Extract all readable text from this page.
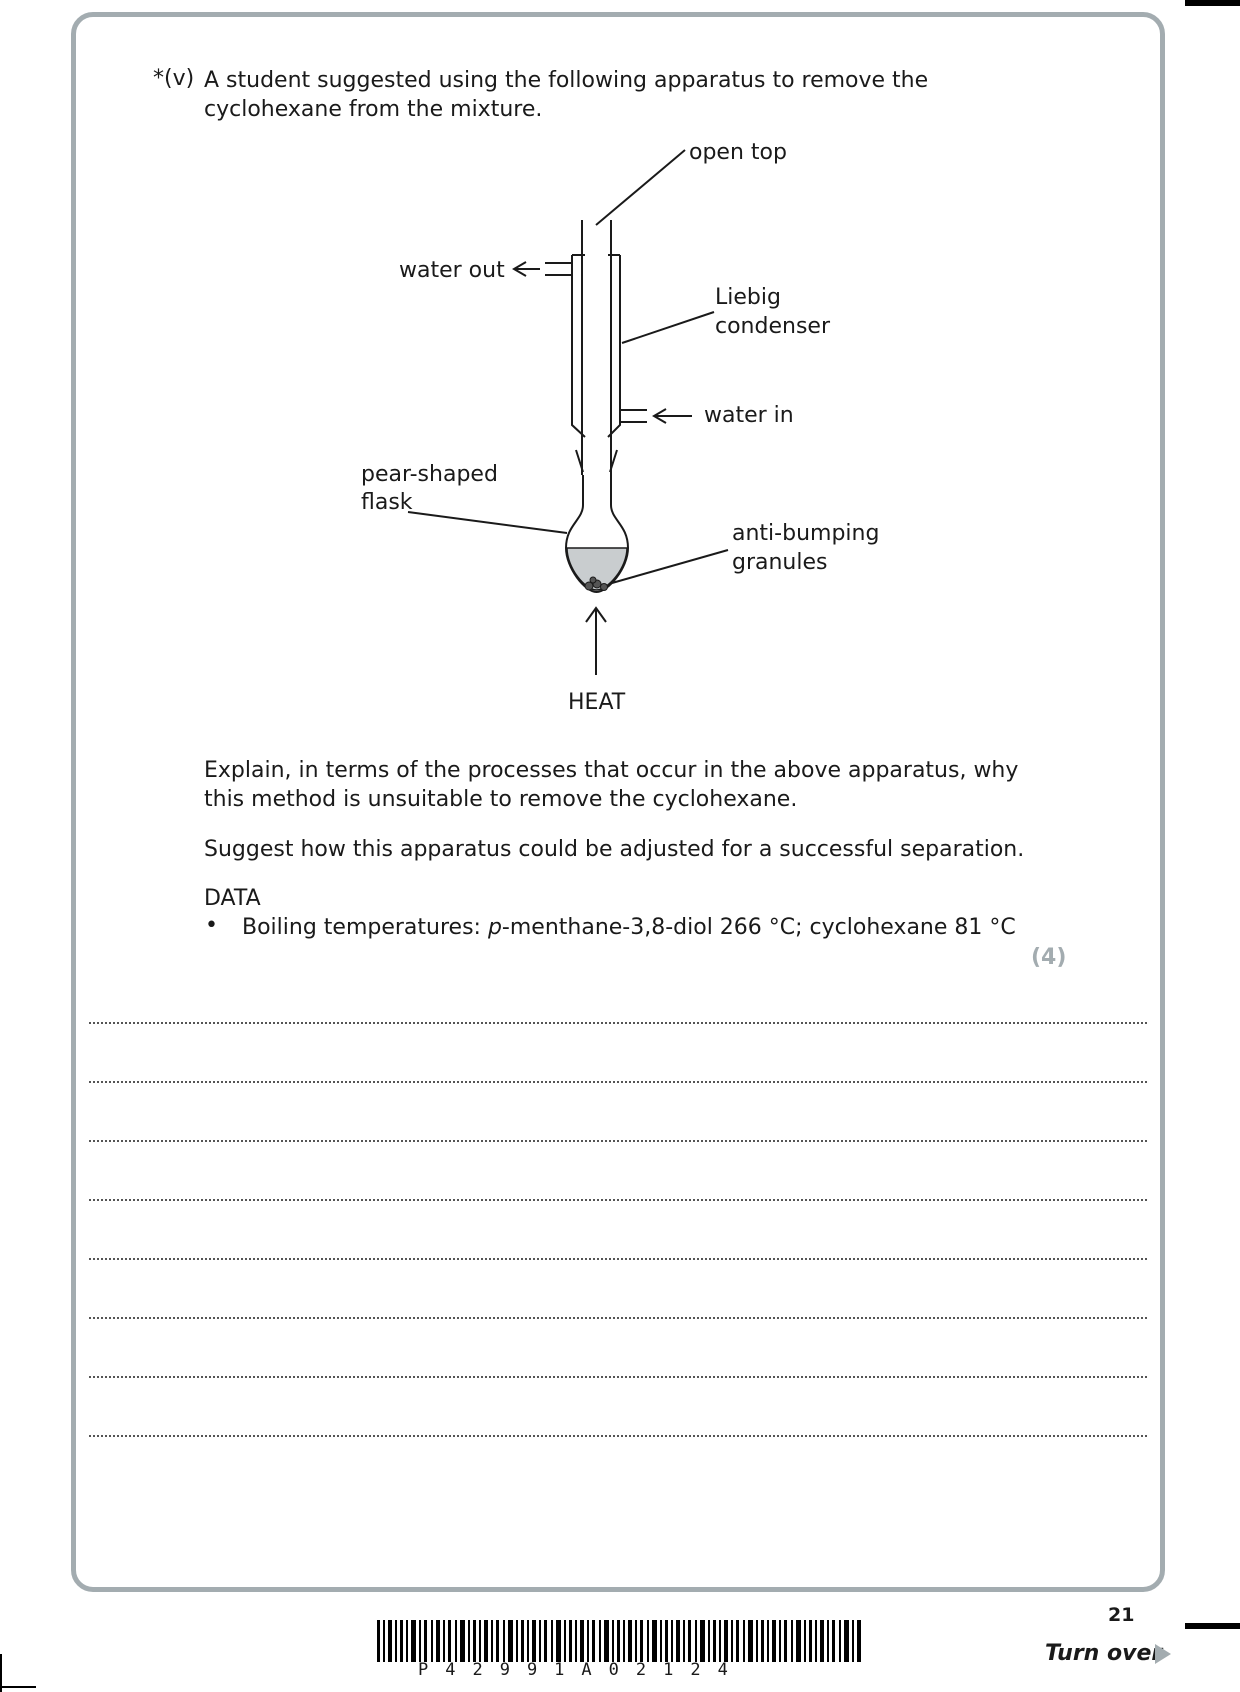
*(v) A student suggested using the following apparatus to remove the cyclohexane from the mixture.
open top
water out
Liebig
condenser
water in
pear-shaped
flask
anti-bumping
granules
HEAT
Explain, in terms of the processes that occur in the above apparatus, why this method is unsuitable to remove the cyclohexane.
Suggest how this apparatus could be adjusted for a successful separation.
DATA
• Boiling temperatures: p-menthane-3,8-diol 266 °C; cyclohexane 81 °C
(4)
P42991A02124
21
Turn over
